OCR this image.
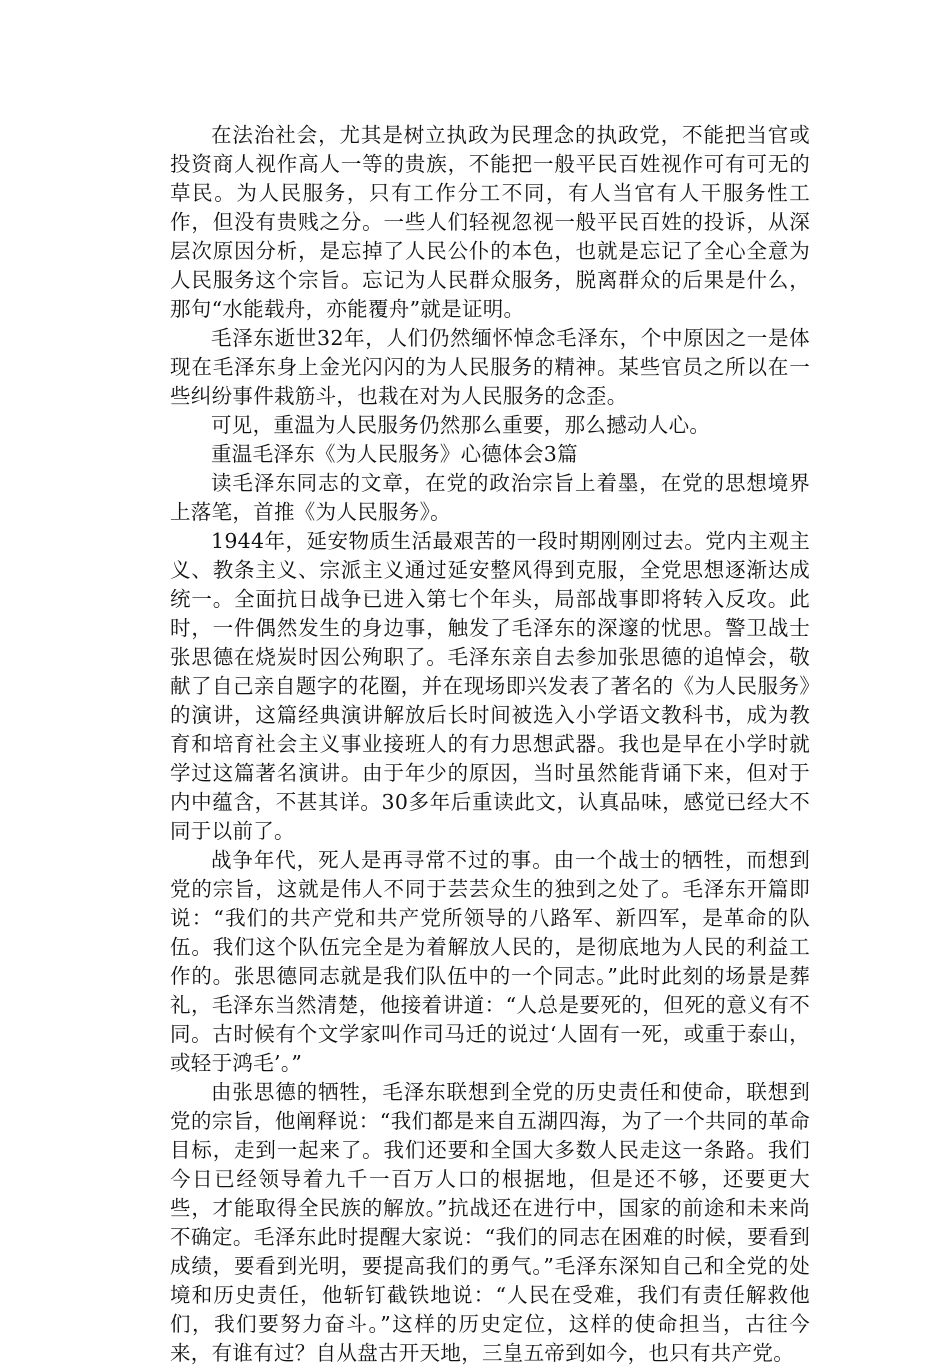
在法治社会，尤其是树立执政为民理念的执政党，不能把当官或投资商人视作高人一等的贵族，不能把一般平民百姓视作可有可无的草民。为人民服务，只有工作分工不同，有人当官有人干服务性工作，但没有贵贱之分。一些人们轻视忽视一般平民百姓的投诉，从深层次原因分析，是忘掉了人民公仆的本色，也就是忘记了全心全意为人民服务这个宗旨。忘记为人民群众服务，脱离群众的后果是什么，那句“水能载舟，亦能覆舟”就是证明。

毛泽东逝世32年，人们仍然缅怀悼念毛泽东，个中原因之一是体现在毛泽东身上金光闪闪的为人民服务的精神。某些官员之所以在一些纠纷事件栽筋斗，也栽在对为人民服务的念歪。

可见，重温为人民服务仍然那么重要，那么撼动人心。

重温毛泽东《为人民服务》心德体会3篇

读毛泽东同志的文章，在党的政治宗旨上着墨，在党的思想境界上落笔，首推《为人民服务》。

1944年，延安物质生活最艰苦的一段时期刚刚过去。党内主观主义、教条主义、宗派主义通过延安整风得到克服，全党思想逐渐达成统一。全面抗日战争已进入第七个年头，局部战事即将转入反攻。此时，一件偶然发生的身边事，触发了毛泽东的深邃的忧思。警卫战士张思德在烧炭时因公殉职了。毛泽东亲自去参加张思德的追悼会，敬献了自己亲自题字的花圈，并在现场即兴发表了著名的《为人民服务》的演讲，这篇经典演讲解放后长时间被选入小学语文教科书，成为教育和培育社会主义事业接班人的有力思想武器。我也是早在小学时就学过这篇著名演讲。由于年少的原因，当时虽然能背诵下来，但对于内中蕴含，不甚其详。30多年后重读此文，认真品味，感觉已经大不同于以前了。

战争年代，死人是再寻常不过的事。由一个战士的牺牲，而想到党的宗旨，这就是伟人不同于芸芸众生的独到之处了。毛泽东开篇即说：“我们的共产党和共产党所领导的八路军、新四军，是革命的队伍。我们这个队伍完全是为着解放人民的，是彻底地为人民的利益工作的。张思德同志就是我们队伍中的一个同志。”此时此刻的场景是葬礼，毛泽东当然清楚，他接着讲道：“人总是要死的，但死的意义有不同。古时候有个文学家叫作司马迁的说过‘人固有一死，或重于泰山，或轻于鸿毛’。”

由张思德的牺牲，毛泽东联想到全党的历史责任和使命，联想到党的宗旨，他阐释说：“我们都是来自五湖四海，为了一个共同的革命目标，走到一起来了。我们还要和全国大多数人民走这一条路。我们今日已经领导着九千一百万人口的根据地，但是还不够，还要更大些，才能取得全民族的解放。”抗战还在进行中，国家的前途和未来尚不确定。毛泽东此时提醒大家说：“我们的同志在困难的时候，要看到成绩，要看到光明，要提高我们的勇气。”毛泽东深知自己和全党的处境和历史责任，他斩钉截铁地说：“人民在受难，我们有责任解救他们，我们要努力奋斗。”这样的历史定位，这样的使命担当，古往今来，有谁有过？自从盘古开天地，三皇五帝到如今，也只有共产党。
